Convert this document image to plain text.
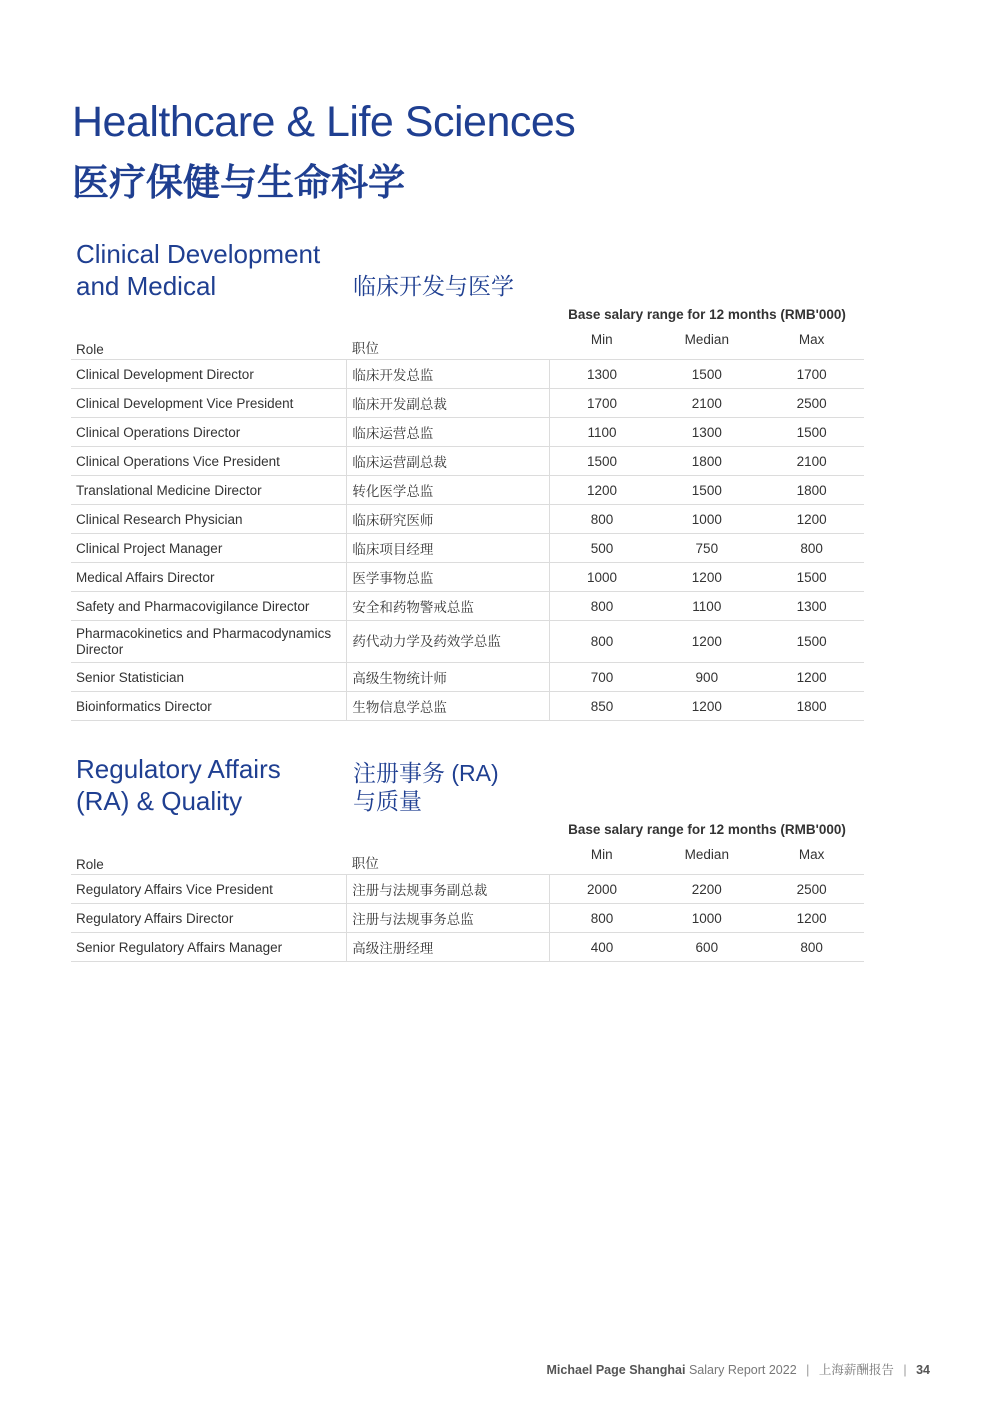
Healthcare & Life Sciences
医疗保健与生命科学
Clinical Development
and Medical	临床开发与医学
Base salary range for 12 months (RMB'000)
Role	职位	Min	Median	Max
Clinical Development Director	临床开发总监	1300	1500	1700
Clinical Development Vice President	临床开发副总裁	1700	2100	2500
Clinical Operations Director	临床运营总监	1100	1300	1500
Clinical Operations Vice President	临床运营副总裁	1500	1800	2100
Translational Medicine Director	转化医学总监	1200	1500	1800
Clinical Research Physician	临床研究医师	800	1000	1200
Clinical Project Manager	临床项目经理	500	750	800
Medical Affairs Director	医学事物总监	1000	1200	1500
Safety and Pharmacovigilance Director	安全和药物警戒总监	800	1100	1300
Pharmacokinetics and Pharmacodynamics Director	药代动力学及药效学总监	800	1200	1500
Senior Statistician	高级生物统计师	700	900	1200
Bioinformatics Director	生物信息学总监	850	1200	1800
Regulatory Affairs
(RA) & Quality
注册事务 (RA)
与质量
Base salary range for 12 months (RMB'000)
Role	职位	Min	Median	Max
Regulatory Affairs Vice President	注册与法规事务副总裁	2000	2200	2500
Regulatory Affairs Director	注册与法规事务总监	800	1000	1200
Senior Regulatory Affairs Manager	高级注册经理	400	600	800
Michael Page Shanghai Salary Report 2022 | 上海薪酬报告 | 34
